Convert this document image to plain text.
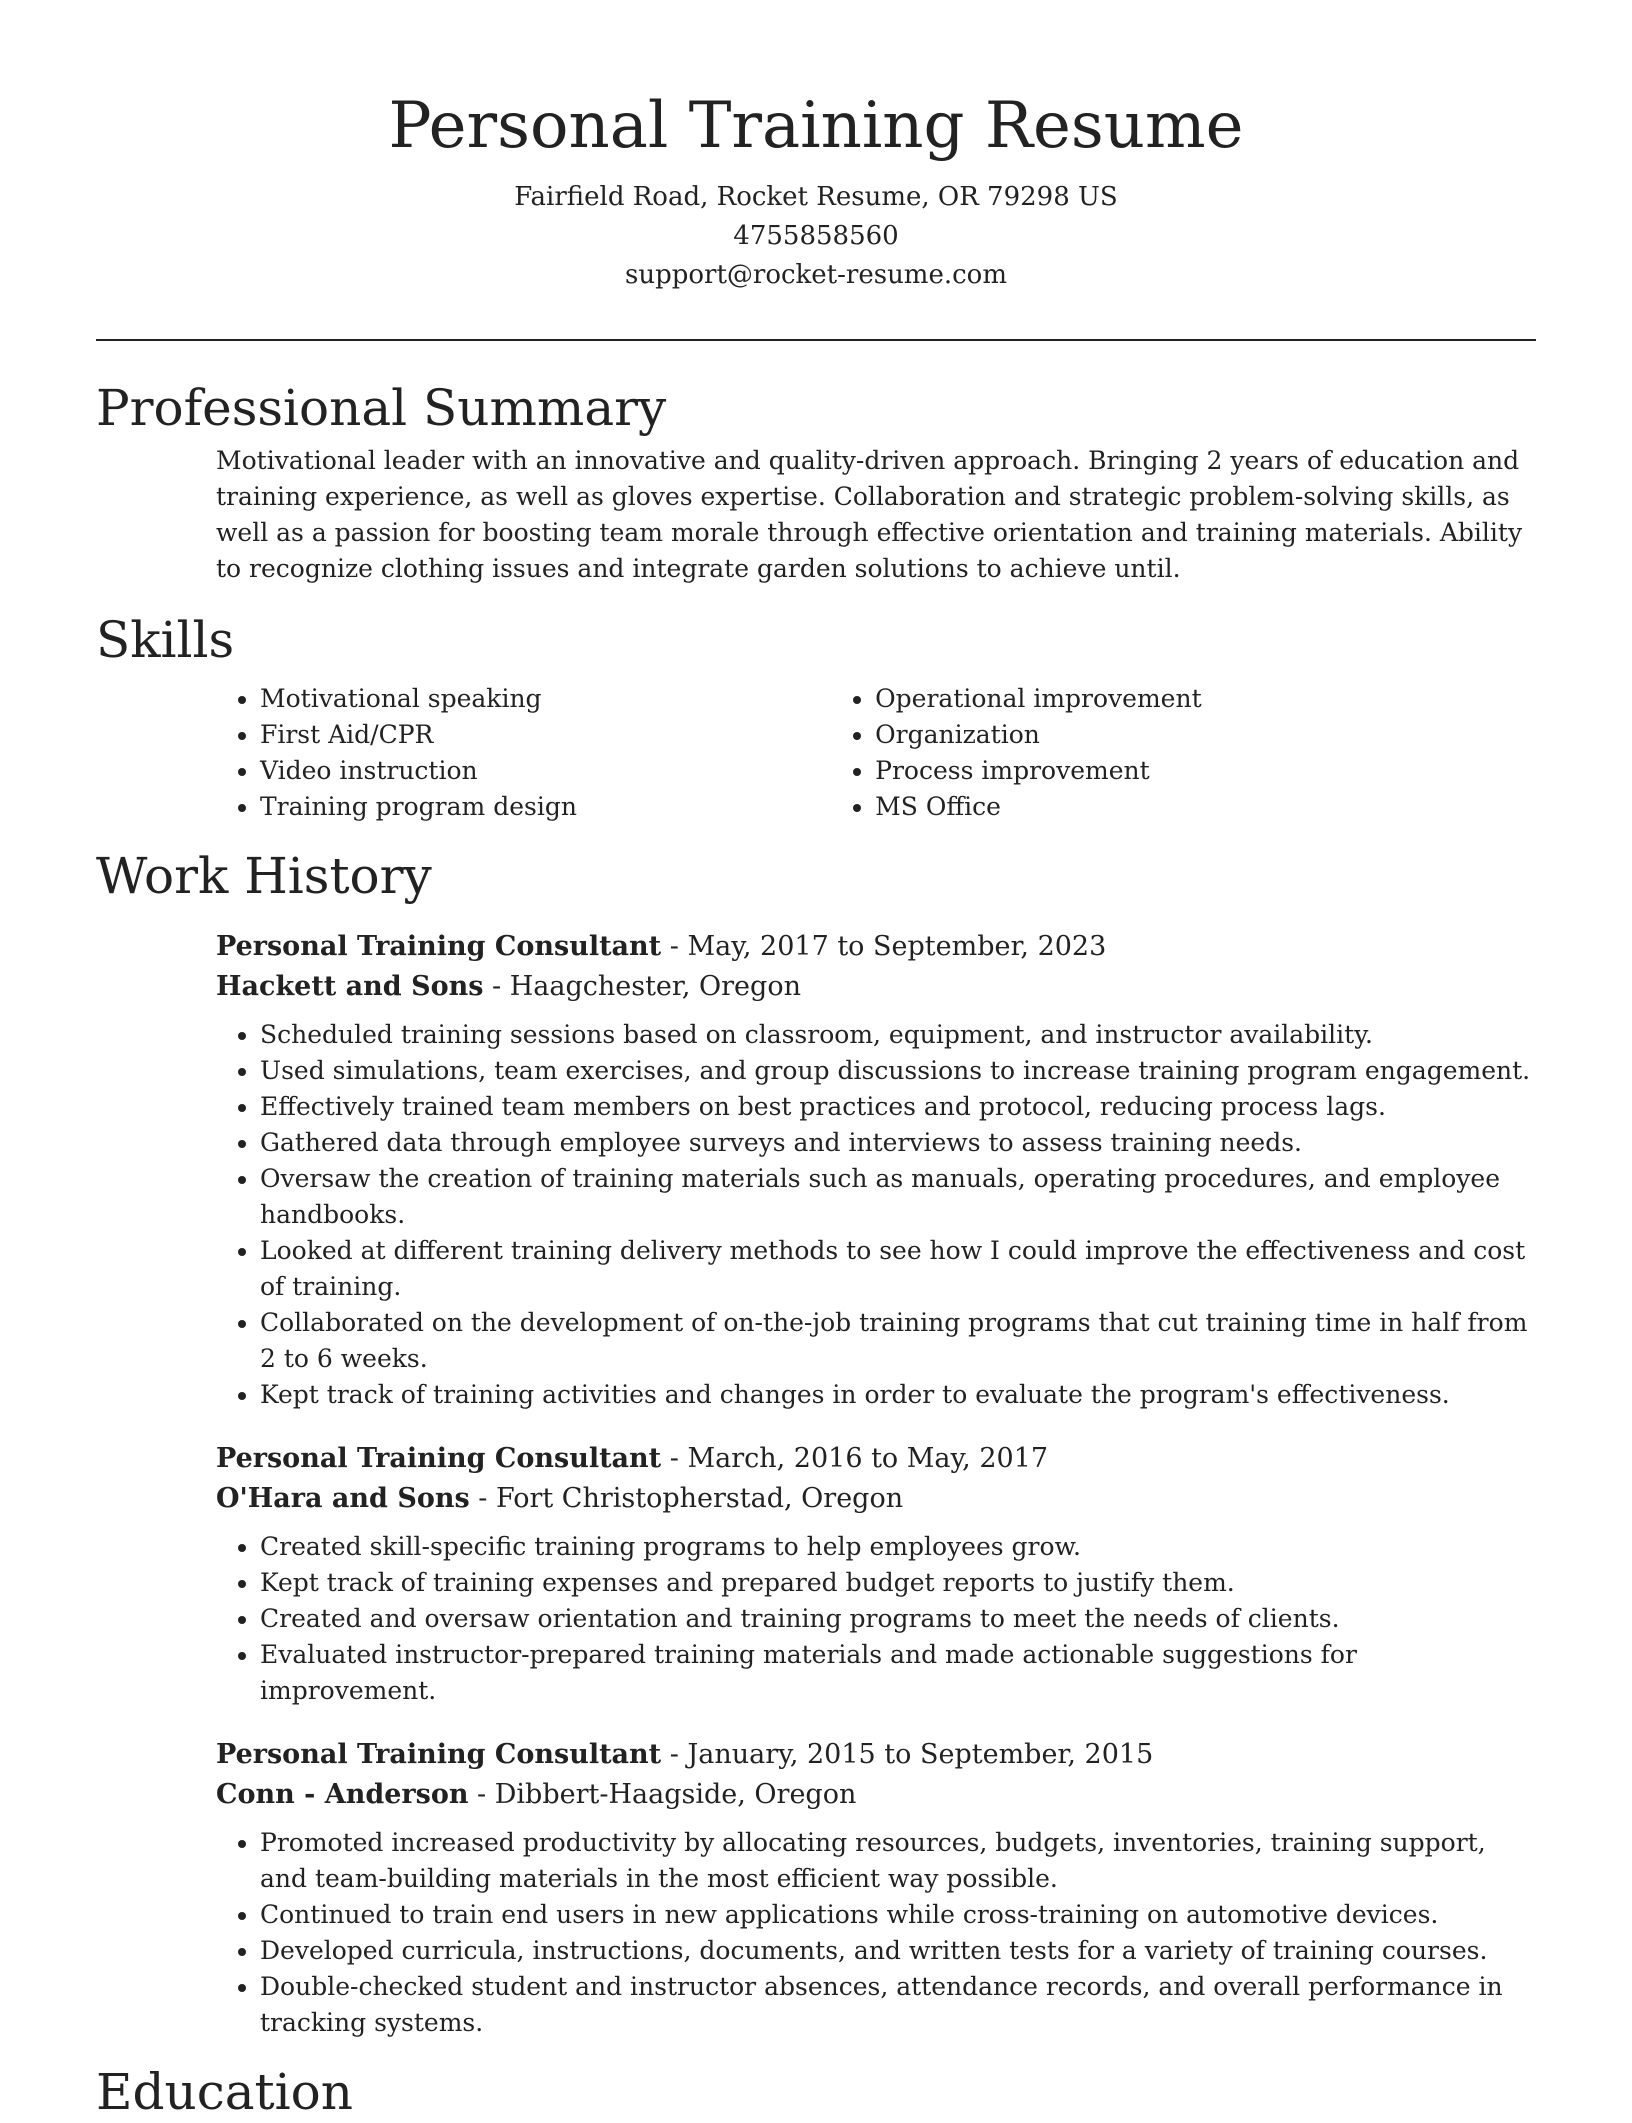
Personal Training Resume
Fairfield Road, Rocket Resume, OR 79298 US
4755858560
support@rocket-resume.com
Professional Summary

Motivational leader with an innovative and quality-driven approach. Bringing 2 years of education and training experience, as well as gloves expertise. Collaboration and strategic problem-solving skills, as well as a passion for boosting team morale through effective orientation and training materials. Ability to recognize clothing issues and integrate garden solutions to achieve until.

Skills
• Motivational speaking
• First Aid/CPR
• Video instruction
• Training program design
• Operational improvement
• Organization
• Process improvement
• MS Office
Work History
Personal Training Consultant - May, 2017 to September, 2023
Hackett and Sons - Haagchester, Oregon
• Scheduled training sessions based on classroom, equipment, and instructor availability.
• Used simulations, team exercises, and group discussions to increase training program engagement.
• Effectively trained team members on best practices and protocol, reducing process lags.
• Gathered data through employee surveys and interviews to assess training needs.
• Oversaw the creation of training materials such as manuals, operating procedures, and employee handbooks.
• Looked at different training delivery methods to see how I could improve the effectiveness and cost of training.
• Collaborated on the development of on-the-job training programs that cut training time in half from 2 to 6 weeks.
• Kept track of training activities and changes in order to evaluate the program's effectiveness.
Personal Training Consultant - March, 2016 to May, 2017
O'Hara and Sons - Fort Christopherstad, Oregon
• Created skill-specific training programs to help employees grow.
• Kept track of training expenses and prepared budget reports to justify them.
• Created and oversaw orientation and training programs to meet the needs of clients.
• Evaluated instructor-prepared training materials and made actionable suggestions for improvement.
Personal Training Consultant - January, 2015 to September, 2015
Conn - Anderson - Dibbert-Haagside, Oregon
• Promoted increased productivity by allocating resources, budgets, inventories, training support, and team-building materials in the most efficient way possible.
• Continued to train end users in new applications while cross-training on automotive devices.
• Developed curricula, instructions, documents, and written tests for a variety of training courses.
• Double-checked student and instructor absences, attendance records, and overall performance in tracking systems.
Education
